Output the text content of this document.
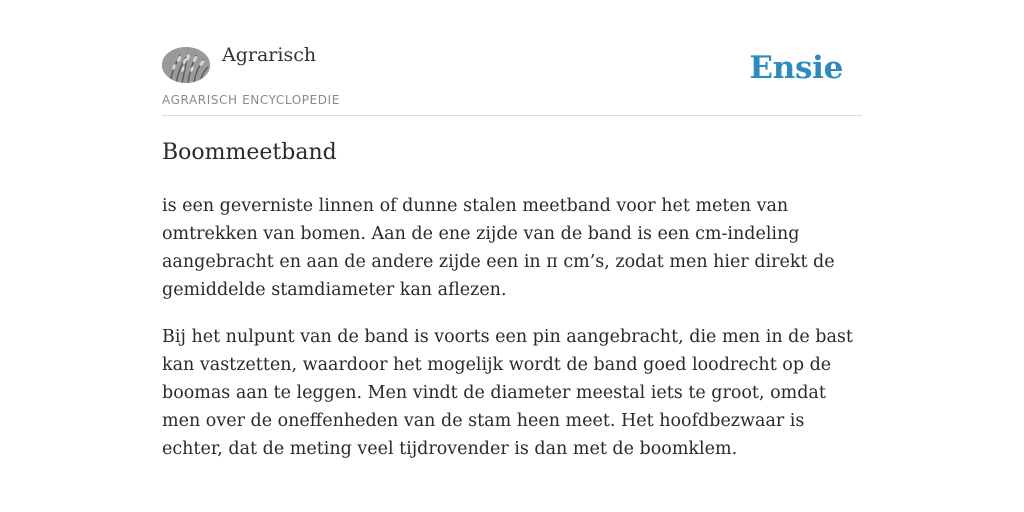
Agrarisch
AGRARISCH ENCYCLOPEDIE
Ensie
Boommeetband

is een geverniste linnen of dunne stalen meetband voor het meten van omtrekken van bomen. Aan de ene zijde van de band is een cm-indeling aangebracht en aan de andere zijde een in π cm’s, zodat men hier direkt de gemiddelde stamdiameter kan aflezen.

Bij het nulpunt van de band is voorts een pin aangebracht, die men in de bast kan vastzetten, waardoor het mogelijk wordt de band goed loodrecht op de boomas aan te leggen. Men vindt de diameter meestal iets te groot, omdat men over de oneffenheden van de stam heen meet. Het hoofdbezwaar is echter, dat de meting veel tijdrovender is dan met de boomklem.
